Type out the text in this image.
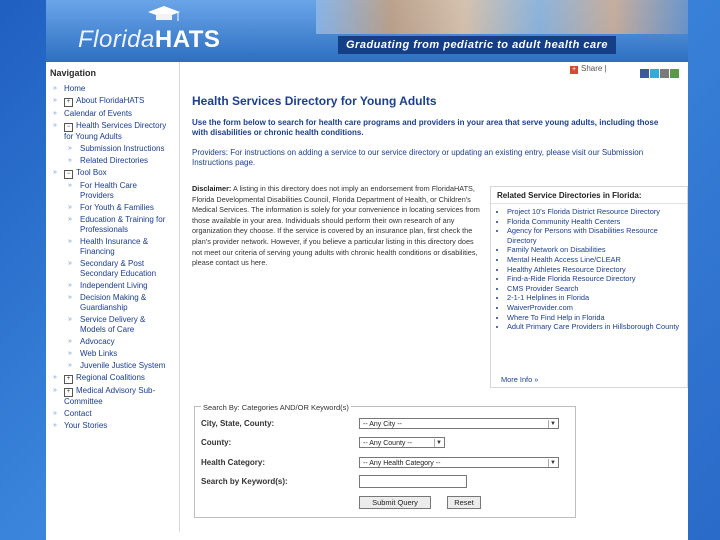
FloridaHATS	Graduating from pediatric to adult health care
+ Share |
Navigation
» Home
» + About FloridaHATS
» Calendar of Events
» − Health Services Directory for Young Adults
» Submission Instructions
» Related Directories
» − Tool Box
» For Health Care Providers
» For Youth & Families
» Education & Training for Professionals
» Health Insurance & Financing
» Secondary & Post Secondary Education
» Independent Living
» Decision Making & Guardianship
» Service Delivery & Models of Care
» Advocacy
» Web Links
» Juvenile Justice System
» + Regional Coalitions
» + Medical Advisory Sub-Committee
» Contact
» Your Stories
Health Services Directory for Young Adults
Use the form below to search for health care programs and providers in your area that serve young adults, including those with disabilities or chronic health conditions.
Providers: For instructions on adding a service to our service directory or updating an existing entry, please visit our Submission Instructions page.
Disclaimer: A listing in this directory does not imply an endorsement from FloridaHATS, Florida Developmental Disabilities Council, Florida Department of Health, or Children's Medical Services. The information is solely for your convenience in locating services from those available in your area. Individuals should perform their own research of any organization they choose. If the service is covered by an insurance plan, first check the plan's provider network. However, if you believe a particular listing in this directory does not meet our criteria of serving young adults with chronic health conditions or disabilities, please contact us here.
Related Service Directories in Florida:
• Project 10's Florida District Resource Directory
• Florida Community Health Centers
• Agency for Persons with Disabilities Resource Directory
• Family Network on Disabilities
• Mental Health Access Line/CLEAR
• Healthy Athletes Resource Directory
• Find-a-Ride Florida Resource Directory
• CMS Provider Search
• 2-1-1 Helplines in Florida
• WaiverProvider.com
• Where To Find Help in Florida
• Adult Primary Care Providers in Hillsborough County
More Info »
Search By: Categories AND/OR Keyword(s)
City, State, County:	-- Any City --	▼
County:	-- Any County --	▼
Health Category:	-- Any Health Category --	▼
Search by Keyword(s):
Submit Query	Reset
